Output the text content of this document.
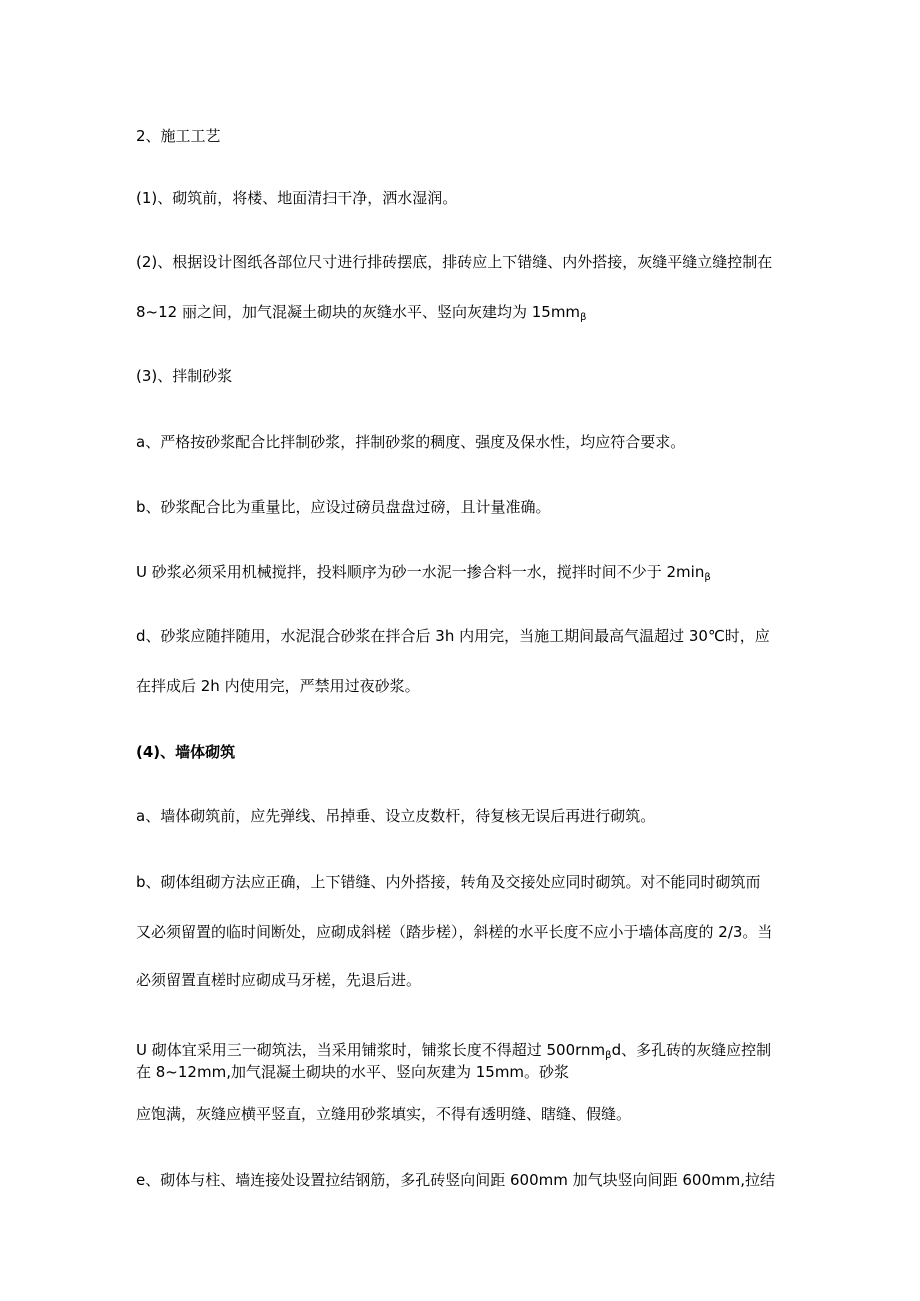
2、施工工艺
(1)、砌筑前，将楼、地面清扫干净，洒水湿润。
(2)、根据设计图纸各部位尺寸进行排砖摆底，排砖应上下错缝、内外搭接，灰缝平缝立缝控制在
8~12 丽之间，加气混凝土砌块的灰缝水平、竖向灰建均为 $15mm_\beta$
(3)、拌制砂浆
a、严格按砂浆配合比拌制砂浆，拌制砂浆的稠度、强度及保水性，均应符合要求。
b、砂浆配合比为重量比，应设过磅员盘盘过磅，且计量准确。
U 砂浆必须采用机械搅拌，投料顺序为砂一水泥一掺合料一水，搅拌时间不少于 $2\min_\beta$
d、砂浆应随拌随用，水泥混合砂浆在拌合后 3h 内用完，当施工期间最高气温超过 30℃时，应
在拌成后 2h 内使用完，严禁用过夜砂浆。
(4)、墙体砌筑
a、墙体砌筑前，应先弹线、吊掉垂、设立皮数杆，待复核无误后再进行砌筑。
b、砌体组砌方法应正确，上下错缝、内外搭接，转角及交接处应同时砌筑。对不能同时砌筑而
又必须留置的临时间断处，应砌成斜槎（踏步槎），斜槎的水平长度不应小于墙体高度的 2/3。当
必须留置直槎时应砌成马牙槎，先退后进。
U 砌体宜采用三一砌筑法，当采用铺浆时，铺浆长度不得超过 500rnm$_\beta$d、多孔砖的灰缝应控制
在 8~12mm,加气混凝土砌块的水平、竖向灰建为 15mm。砂浆
应饱满，灰缝应横平竖直，立缝用砂浆填实，不得有透明缝、瞎缝、假缝。
e、砌体与柱、墙连接处设置拉结钢筋，多孔砖竖向间距 600mm 加气块竖向间距 600mm,拉结
